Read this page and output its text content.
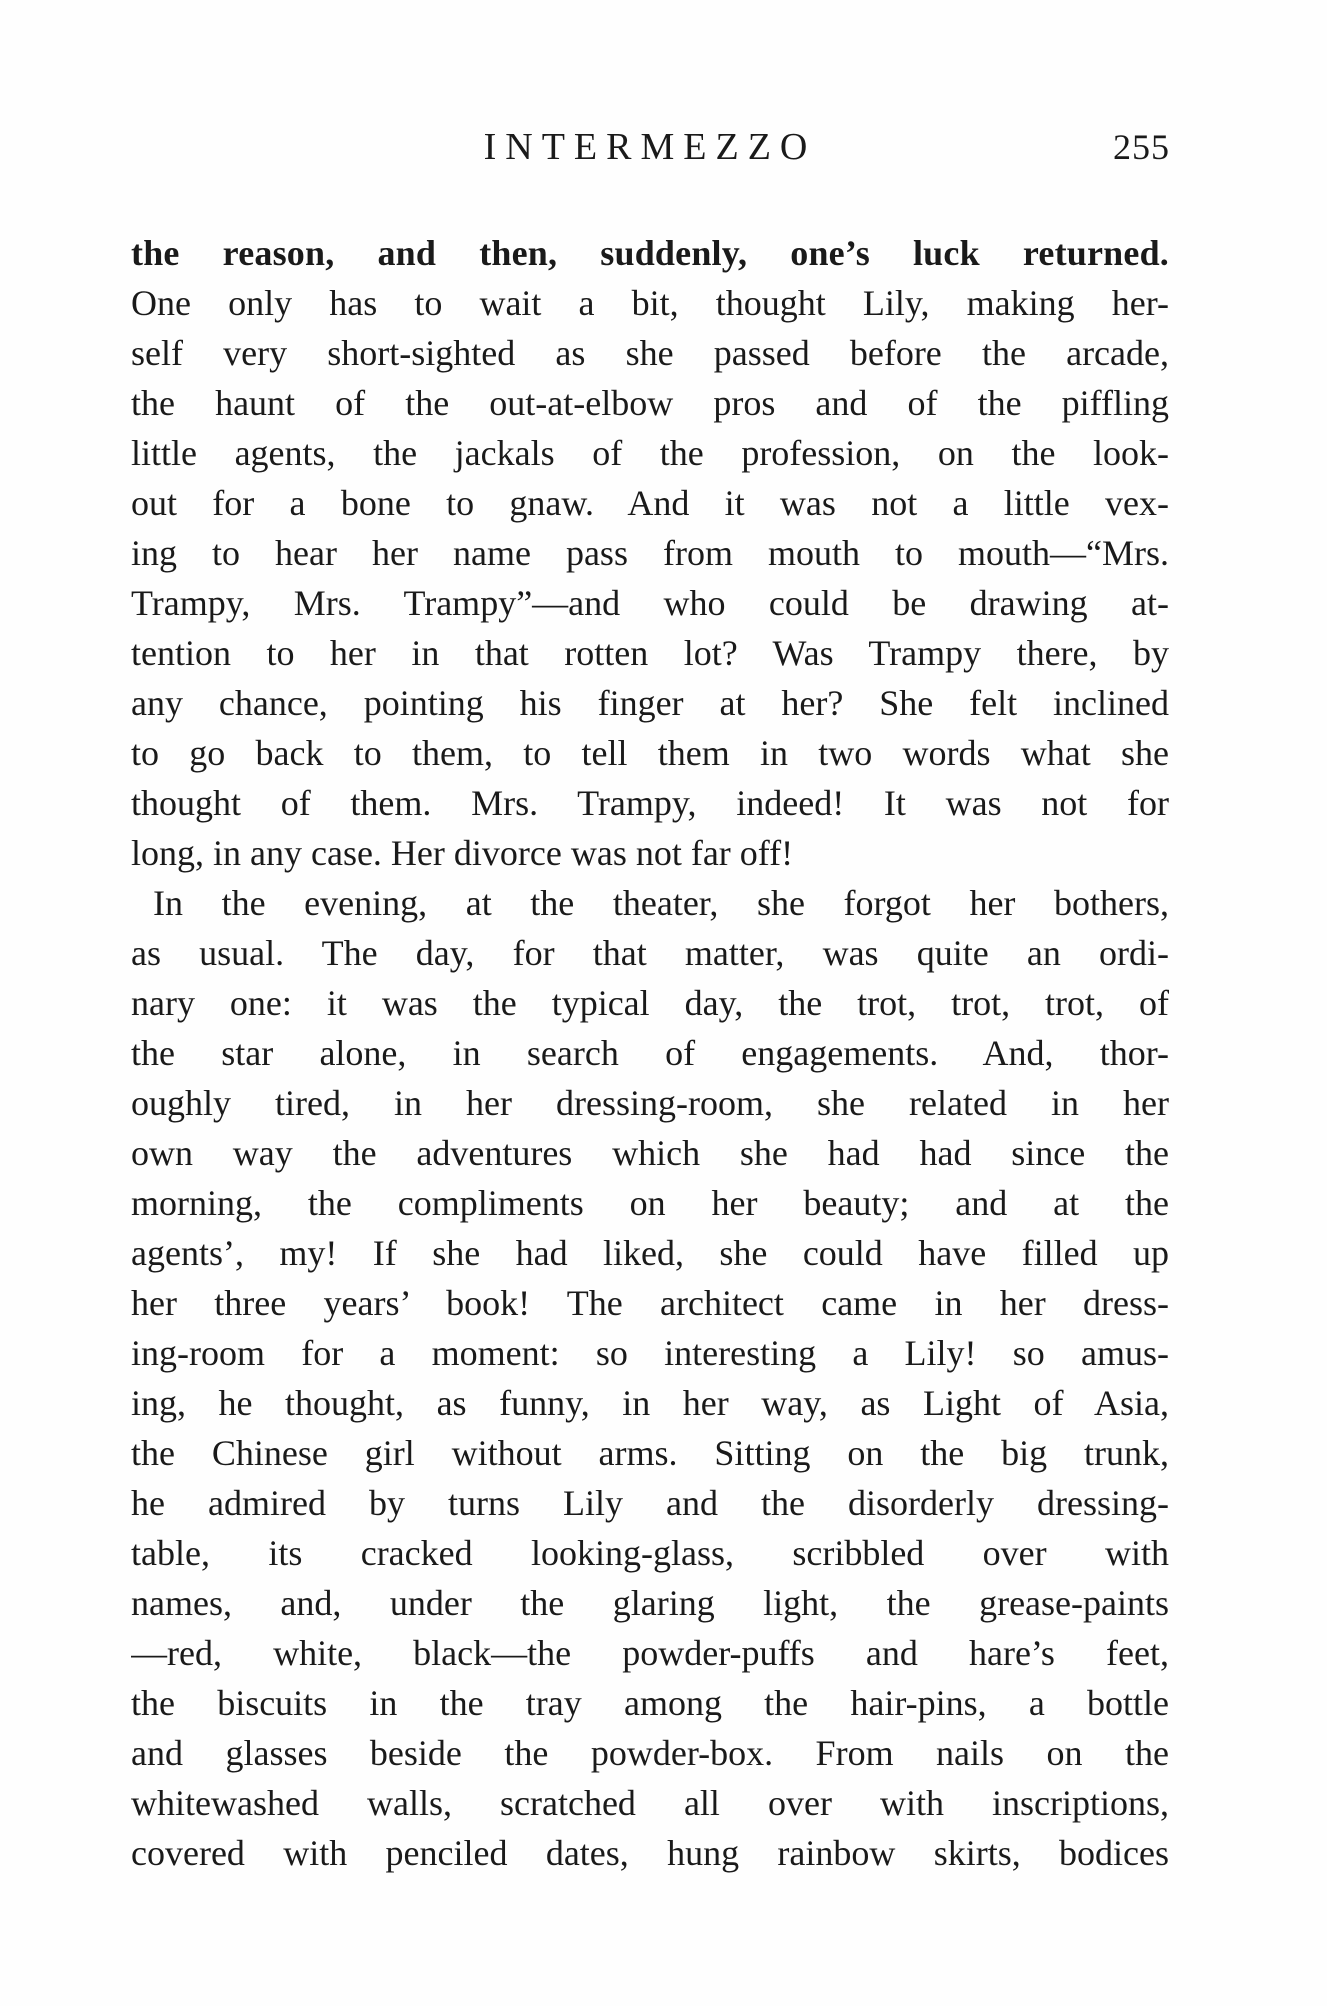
INTERMEZZO	255
the reason, and then, suddenly, one’s luck returned.
One only has to wait a bit, thought Lily, making her-
self very short-sighted as she passed before the arcade,
the haunt of the out-at-elbow pros and of the piffling
little agents, the jackals of the profession, on the look-
out for a bone to gnaw. And it was not a little vex-
ing to hear her name pass from mouth to mouth—“Mrs.
Trampy, Mrs. Trampy”—and who could be drawing at-
tention to her in that rotten lot? Was Trampy there, by
any chance, pointing his finger at her? She felt inclined
to go back to them, to tell them in two words what she
thought of them. Mrs. Trampy, indeed! It was not for
long, in any case. Her divorce was not far off!
In the evening, at the theater, she forgot her bothers,
as usual. The day, for that matter, was quite an ordi-
nary one: it was the typical day, the trot, trot, trot, of
the star alone, in search of engagements. And, thor-
oughly tired, in her dressing-room, she related in her
own way the adventures which she had had since the
morning, the compliments on her beauty; and at the
agents’, my! If she had liked, she could have filled up
her three years’ book! The architect came in her dress-
ing-room for a moment: so interesting a Lily! so amus-
ing, he thought, as funny, in her way, as Light of Asia,
the Chinese girl without arms. Sitting on the big trunk,
he admired by turns Lily and the disorderly dressing-
table, its cracked looking-glass, scribbled over with
names, and, under the glaring light, the grease-paints
—red, white, black—the powder-puffs and hare’s feet,
the biscuits in the tray among the hair-pins, a bottle
and glasses beside the powder-box. From nails on the
whitewashed walls, scratched all over with inscriptions,
covered with penciled dates, hung rainbow skirts, bodices
